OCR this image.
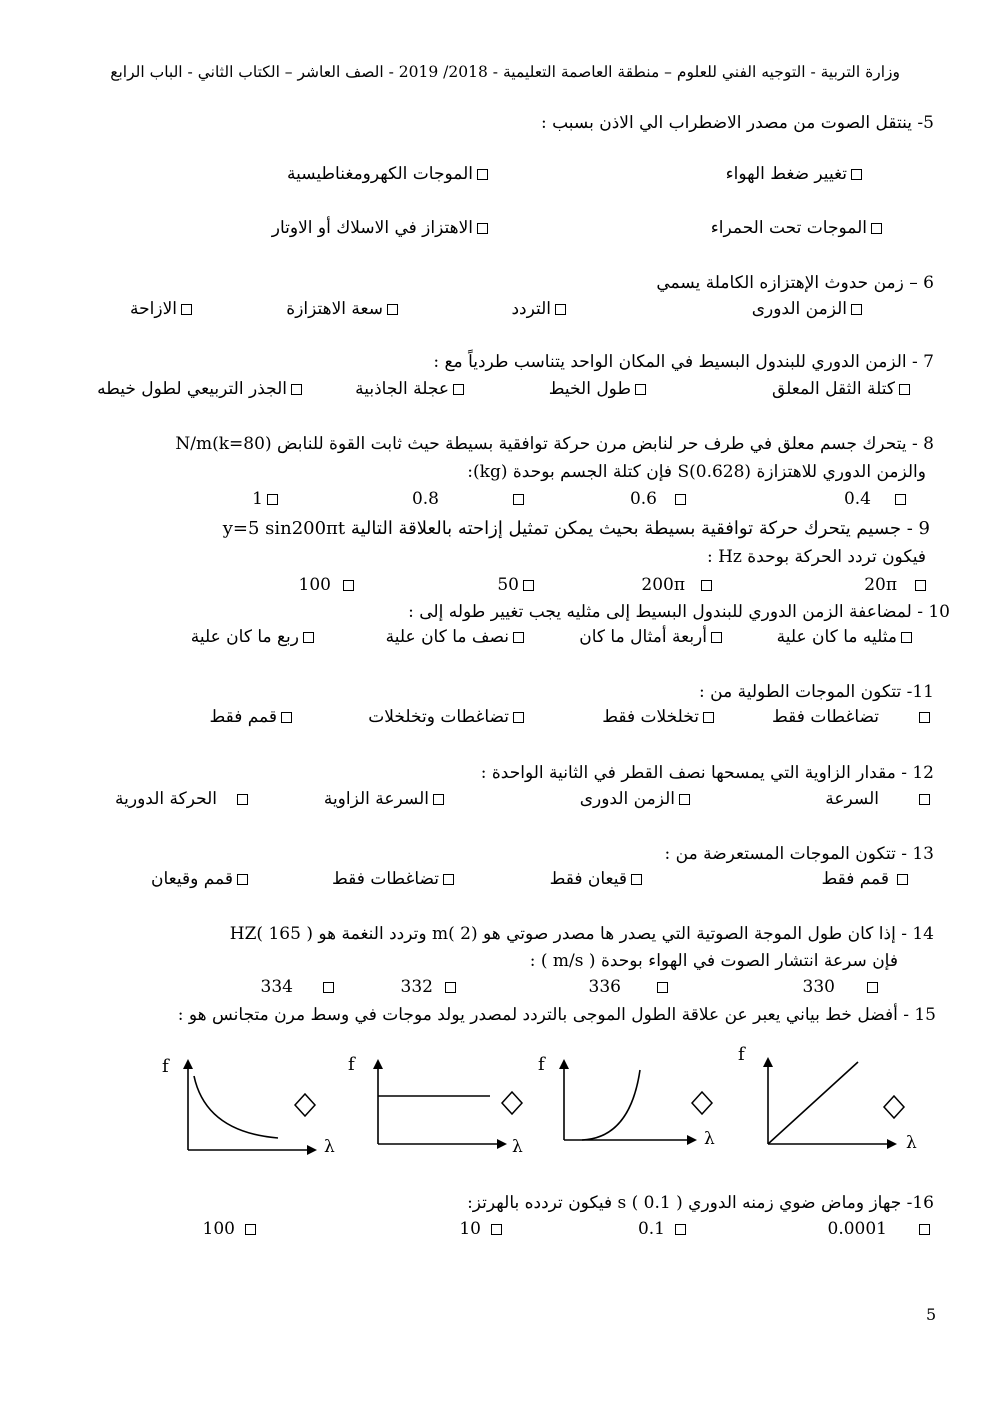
وزارة التربية - التوجيه الفني للعلوم – منطقة العاصمة التعليمية - 2018/ 2019 - الصف العاشر – الكتاب الثاني - الباب الرابع
5- ينتقل الصوت من مصدر الاضطراب الي الاذن بسبب :
تغيير ضغط الهواء
الموجات الكهرومغناطيسية
الموجات تحت الحمراء
الاهتزاز في الاسلاك أو الاوتار
6 – زمن حدوث الإهتزازه الكاملة يسمي
الزمن الدورى
التردد
سعة الاهتزازة
الازاحة
7 - الزمن الدوري للبندول البسيط في المكان الواحد يتناسب طردياً مع :
كتلة الثقل المعلق
طول الخيط
عجلة الجاذبية
الجذر التربيعي لطول خيطه
8 - يتحرك جسم معلق في طرف حر لنابض مرن حركة توافقية بسيطة حيث ثابت القوة للنابض (k=80)N/m
والزمن الدوري للاهتزازة S(0.628) فإن كتلة الجسم بوحدة (kg):
0.4
0.6
0.8
1
9 - جسيم يتحرك حركة توافقية بسيطة بحيث يمكن تمثيل إزاحته بالعلاقة التالية y=5 sin200πt
فيكون تردد الحركة بوحدة Hz :
20π
200π
50
100
10 - لمضاعفة الزمن الدوري للبندول البسيط إلى مثليه يجب تغيير طوله إلى :
مثليه ما كان علية
أربعة أمثال ما كان
نصف ما كان علية
ربع ما كان علية
11- تتكون الموجات الطولية من :
تضاغطات فقط
تخلخلات فقط
تضاغطات وتخلخلات
قمم فقط
12 - مقدار الزاوية التي يمسحها نصف القطر في الثانية الواحدة :
السرعة
الزمن الدورى
السرعة الزاوية
الحركة الدورية
13 - تتكون الموجات المستعرضة من :
قمم فقط
قيعان فقط
تضاغطات فقط
قمم وقيعان
14 - إذا كان طول الموجة الصوتية التي يصدر ها مصدر صوتي هو m( 2) وتردد النغمة هو HZ( 165 )
فإن سرعة انتشار الصوت في الهواء بوحدة ( m/s ) :
330
336
332
334
15 - أفضل خط بياني يعبر عن علاقة الطول الموجى بالتردد لمصدر يولد موجات في وسط مرن متجانس هو :
f
λ
f
λ
f
λ
f
λ
16- جهاز وماض ضوي زمنه الدوري s ( 0.1 ) فيكون تردده بالهرتز:
0.0001
0.1
10
100
5
